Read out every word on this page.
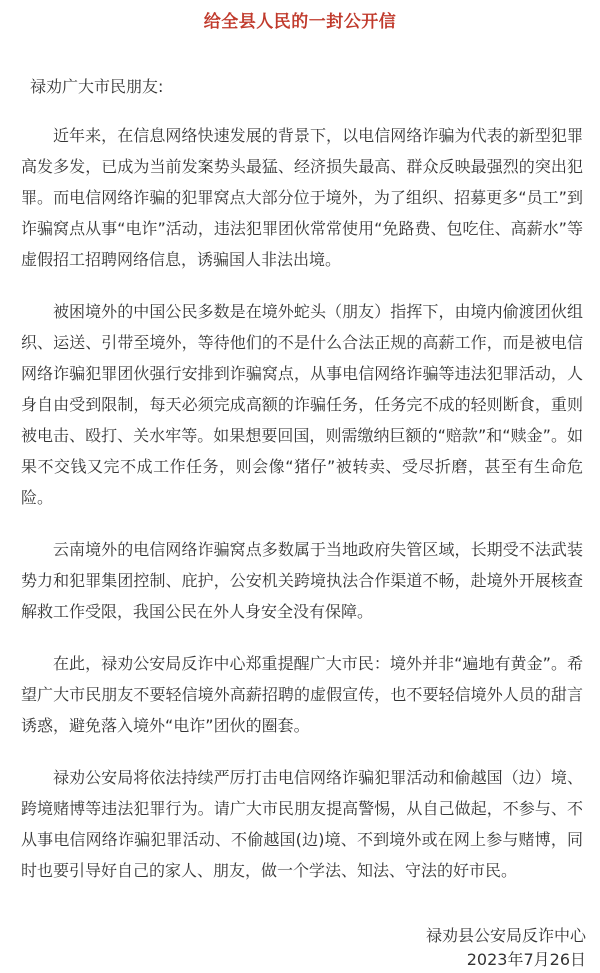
给全县人民的一封公开信
禄劝广大市民朋友:

近年来，在信息网络快速发展的背景下，以电信网络诈骗为代表的新型犯罪高发多发，已成为当前发案势头最猛、经济损失最高、群众反映最强烈的突出犯罪。而电信网络诈骗的犯罪窝点大部分位于境外，为了组织、招募更多“员工”到诈骗窝点从事“电诈”活动，违法犯罪团伙常常使用“免路费、包吃住、高薪水”等虚假招工招聘网络信息，诱骗国人非法出境。

被困境外的中国公民多数是在境外蛇头（朋友）指挥下，由境内偷渡团伙组织、运送、引带至境外，等待他们的不是什么合法正规的高薪工作，而是被电信网络诈骗犯罪团伙强行安排到诈骗窝点，从事电信网络诈骗等违法犯罪活动，人身自由受到限制，每天必须完成高额的诈骗任务，任务完不成的轻则断食，重则被电击、殴打、关水牢等。如果想要回国，则需缴纳巨额的“赔款”和“赎金”。如果不交钱又完不成工作任务，则会像“猪仔”被转卖、受尽折磨，甚至有生命危险。

云南境外的电信网络诈骗窝点多数属于当地政府失管区域，长期受不法武装势力和犯罪集团控制、庇护，公安机关跨境执法合作渠道不畅，赴境外开展核查解救工作受限，我国公民在外人身安全没有保障。

在此，禄劝公安局反诈中心郑重提醒广大市民：境外并非“遍地有黄金”。希望广大市民朋友不要轻信境外高薪招聘的虚假宣传，也不要轻信境外人员的甜言诱惑，避免落入境外“电诈”团伙的圈套。

禄劝公安局将依法持续严厉打击电信网络诈骗犯罪活动和偷越国（边）境、跨境赌博等违法犯罪行为。请广大市民朋友提高警惕，从自己做起，不参与、不从事电信网络诈骗犯罪活动、不偷越国(边)境、不到境外或在网上参与赌博，同时也要引导好自己的家人、朋友，做一个学法、知法、守法的好市民。

禄劝县公安局反诈中心
2023年7月26日
